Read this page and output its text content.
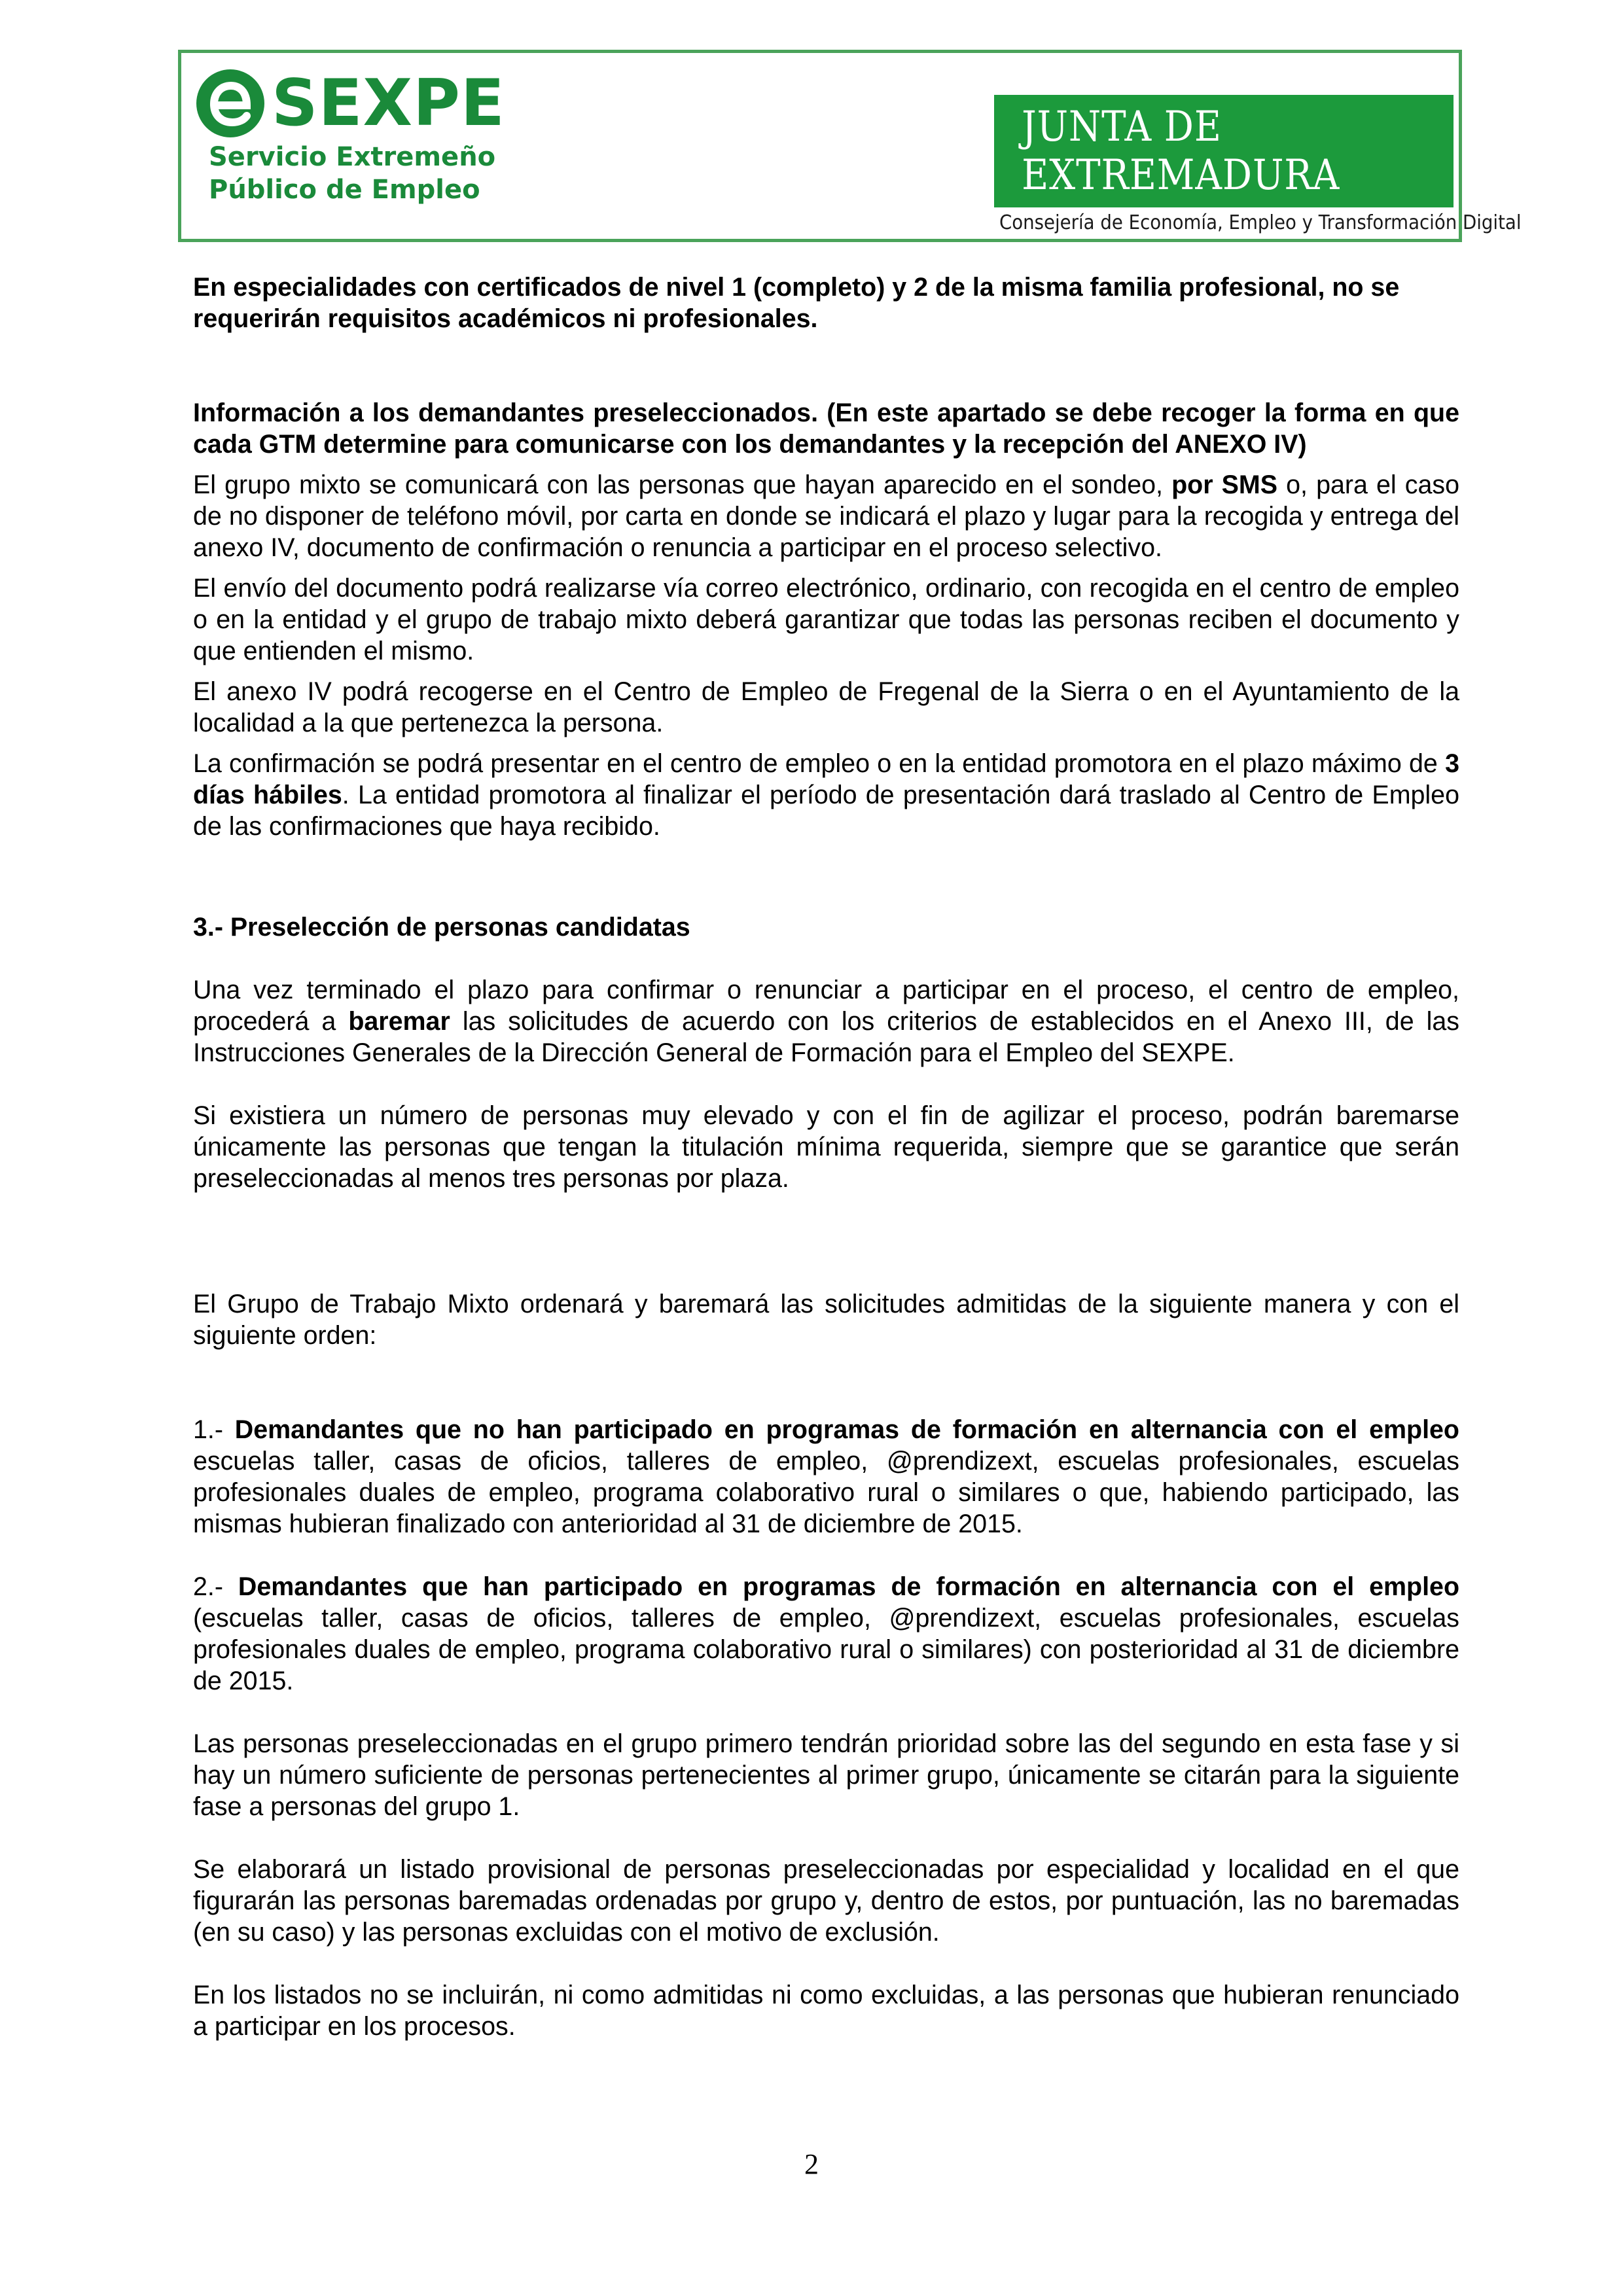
SEXPE
Servicio Extremeño
Público de Empleo
JUNTA DE EXTREMADURA
Consejería de Economía, Empleo y Transformación Digital

En especialidades con certificados de nivel 1 (completo) y 2 de la misma familia profesional, no se requerirán requisitos académicos ni profesionales.

Información a los demandantes preseleccionados. (En este apartado se debe recoger la forma en que cada GTM determine para comunicarse con los demandantes y la recepción del ANEXO IV)

El grupo mixto se comunicará con las personas que hayan aparecido en el sondeo, por SMS o, para el caso de no disponer de teléfono móvil, por carta en donde se indicará el plazo y lugar para la recogida y entrega del anexo IV, documento de confirmación o renuncia a participar en el proceso selectivo.

El envío del documento podrá realizarse vía correo electrónico, ordinario, con recogida en el centro de empleo o en la entidad y el grupo de trabajo mixto deberá garantizar que todas las personas reciben el documento y que entienden el mismo.

El anexo IV podrá recogerse en el Centro de Empleo de Fregenal de la Sierra o en el Ayuntamiento de la localidad a la que pertenezca la persona.

La confirmación se podrá presentar en el centro de empleo o en la entidad promotora en el plazo máximo de 3 días hábiles. La entidad promotora al finalizar el período de presentación dará traslado al Centro de Empleo de las confirmaciones que haya recibido.

3.- Preselección de personas candidatas

Una vez terminado el plazo para confirmar o renunciar a participar en el proceso, el centro de empleo, procederá a baremar las solicitudes de acuerdo con los criterios de establecidos en el Anexo III, de las Instrucciones Generales de la Dirección General de Formación para el Empleo del SEXPE.

Si existiera un número de personas muy elevado y con el fin de agilizar el proceso, podrán baremarse únicamente las personas que tengan la titulación mínima requerida, siempre que se garantice que serán preseleccionadas al menos tres personas por plaza.

El Grupo de Trabajo Mixto ordenará y baremará las solicitudes admitidas de la siguiente manera y con el siguiente orden:

1.- Demandantes que no han participado en programas de formación en alternancia con el empleo escuelas taller, casas de oficios, talleres de empleo, @prendizext, escuelas profesionales, escuelas profesionales duales de empleo, programa colaborativo rural o similares o que, habiendo participado, las mismas hubieran finalizado con anterioridad al 31 de diciembre de 2015.

2.- Demandantes que han participado en programas de formación en alternancia con el empleo (escuelas taller, casas de oficios, talleres de empleo, @prendizext, escuelas profesionales, escuelas profesionales duales de empleo, programa colaborativo rural o similares) con posterioridad al 31 de diciembre de 2015.

Las personas preseleccionadas en el grupo primero tendrán prioridad sobre las del segundo en esta fase y si hay un número suficiente de personas pertenecientes al primer grupo, únicamente se citarán para la siguiente fase a personas del grupo 1.

Se elaborará un listado provisional de personas preseleccionadas por especialidad y localidad en el que figurarán las personas baremadas ordenadas por grupo y, dentro de estos, por puntuación, las no baremadas (en su caso) y las personas excluidas con el motivo de exclusión.

En los listados no se incluirán, ni como admitidas ni como excluidas, a las personas que hubieran renunciado a participar en los procesos.

2
